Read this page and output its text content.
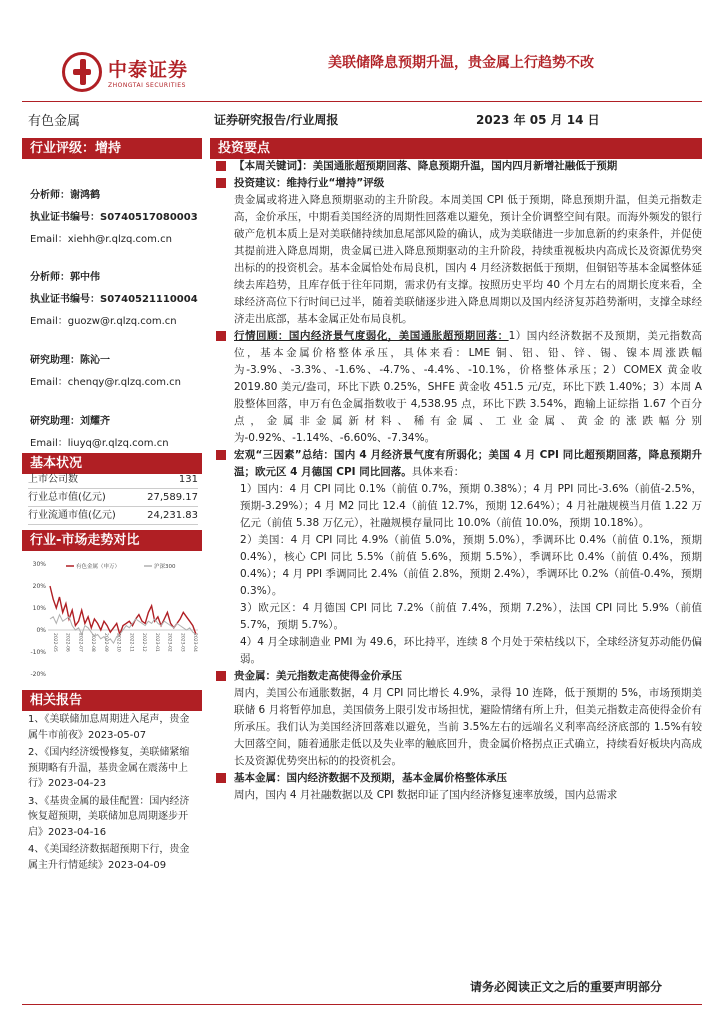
中泰证券
ZHONGTAI SECURITIES
美联储降息预期升温，贵金属上行趋势不改
有色金属	证券研究报告/行业周报	2023 年 05 月 14 日
行业评级：增持
分析师：谢鸿鹤
执业证书编号：S0740517080003
Email：xiehh@r.qlzq.com.cn
分析师：郭中伟
执业证书编号：S0740521110004
Email：guozw@r.qlzq.com.cn
研究助理：陈沁一
Email：chenqy@r.qlzq.com.cn
研究助理：刘耀齐
Email：liuyq@r.qlzq.com.cn
基本状况
上市公司数	131
行业总市值(亿元)	27,589.17
行业流通市值(亿元)	24,231.83
行业-市场走势对比
30%
20%
10%
0%
-10%
-20%
2022-05 2022-06 2022-07 2022-08 2022-09 2022-10 2022-11 2022-12 2023-01 2023-02 2023-03 2023-04
有色金属（申万）	沪深300
相关报告

1、《美联储加息周期进入尾声，贵金属牛市前夜》2023-05-07

2、《国内经济缓慢修复，美联储紧缩预期略有升温，基贵金属在震荡中上行》2023-04-23

3、《基贵金属的最佳配置：国内经济恢复超预期，美联储加息周期逐步开启》2023-04-16

4、《美国经济数据超预期下行，贵金属主升行情延续》2023-04-09

投资要点
【本周关键词】：美国通胀超预期回落、降息预期升温，国内四月新增社融低于预期
投资建议：维持行业“增持”评级
贵金属或将进入降息预期驱动的主升阶段。本周美国 CPI 低于预期，降息预期升温，但美元指数走高，金价承压，中期看美国经济的周期性回落难以避免，预计全价调整空间有限。而海外频发的银行破产危机本质上是对美联储持续加息尾部风险的确认，成为美联储进一步加息新的约束条件，并促使其提前进入降息周期，贵金属已进入降息预期驱动的主升阶段，持续重视板块内高成长及资源优势突出标的的投资机会。基本金属恰处布局良机，国内 4 月经济数据低于预期，但铜铝等基本金属整体延续去库趋势，且库存低于往年同期，需求仍有支撑。按照历史平均 40 个月左右的周期长度来看，全球经济高位下行时间已过半，随着美联储逐步进入降息周期以及国内经济复苏趋势渐明，支撑全球经济走出底部，基本金属正处布局良机。
行情回顾：国内经济景气度弱化，美国通胀超预期回落：1）国内经济数据不及预期，美元指数高位，基本金属价格整体承压，具体来看：LME 铜、铝、铅、锌、锡、镍本周涨跌幅为-3.9%、-3.3%、-1.6%、-4.7%、-4.4%、-10.1%，价格整体承压；2）COMEX 黄金收 2019.80 美元/盎司，环比下跌 0.25%，SHFE 黄金收 451.5 元/克，环比下跌 1.40%；3）本周 A 股整体回落，申万有色金属指数收于 4,538.95 点，环比下跌 3.54%，跑输上证综指 1.67 个百分点，金属非金属新材料、稀有金属、工业金属、黄金的涨跌幅分别为-0.92%、-1.14%、-6.60%、-7.34%。
宏观“三因素”总结：国内 4 月经济景气度有所弱化；美国 4 月 CPI 同比超预期回落，降息预期升温；欧元区 4 月德国 CPI 同比回落。具体来看：
1）国内：4 月 CPI 同比 0.1%（前值 0.7%，预期 0.38%）；4 月 PPI 同比-3.6%（前值-2.5%，预期-3.29%）；4 月 M2 同比 12.4（前值 12.7%，预期 12.64%）；4 月社融规模当月值 1.22 万亿元（前值 5.38 万亿元），社融规模存量同比 10.0%（前值 10.0%，预期 10.18%）。
2）美国：4 月 CPI 同比 4.9%（前值 5.0%，预期 5.0%），季调环比 0.4%（前值 0.1%，预期 0.4%），核心 CPI 同比 5.5%（前值 5.6%，预期 5.5%），季调环比 0.4%（前值 0.4%，预期 0.4%）；4 月 PPI 季调同比 2.4%（前值 2.8%，预期 2.4%），季调环比 0.2%（前值-0.4%，预期 0.3%）。
3）欧元区：4 月德国 CPI 同比 7.2%（前值 7.4%，预期 7.2%），法国 CPI 同比 5.9%（前值 5.7%，预期 5.7%）。
4）4 月全球制造业 PMI 为 49.6，环比持平，连续 8 个月处于荣枯线以下，全球经济复苏动能仍偏弱。
贵金属：美元指数走高使得金价承压
周内，美国公布通胀数据，4 月 CPI 同比增长 4.9%，录得 10 连降，低于预期的 5%，市场预期美联储 6 月将暂停加息，美国债务上限引发市场担忧，避险情绪有所上升，但美元指数走高使得金价有所承压。我们认为美国经济回落难以避免，当前 3.5%左右的远端名义利率高经济底部的 1.5%有较大回落空间，随着通胀走低以及失业率的触底回升，贵金属价格拐点正式确立，持续看好板块内高成长及资源优势突出标的的投资机会。
基本金属：国内经济数据不及预期，基本金属价格整体承压
周内，国内 4 月社融数据以及 CPI 数据印证了国内经济修复速率放缓，国内总需求
请务必阅读正文之后的重要声明部分
